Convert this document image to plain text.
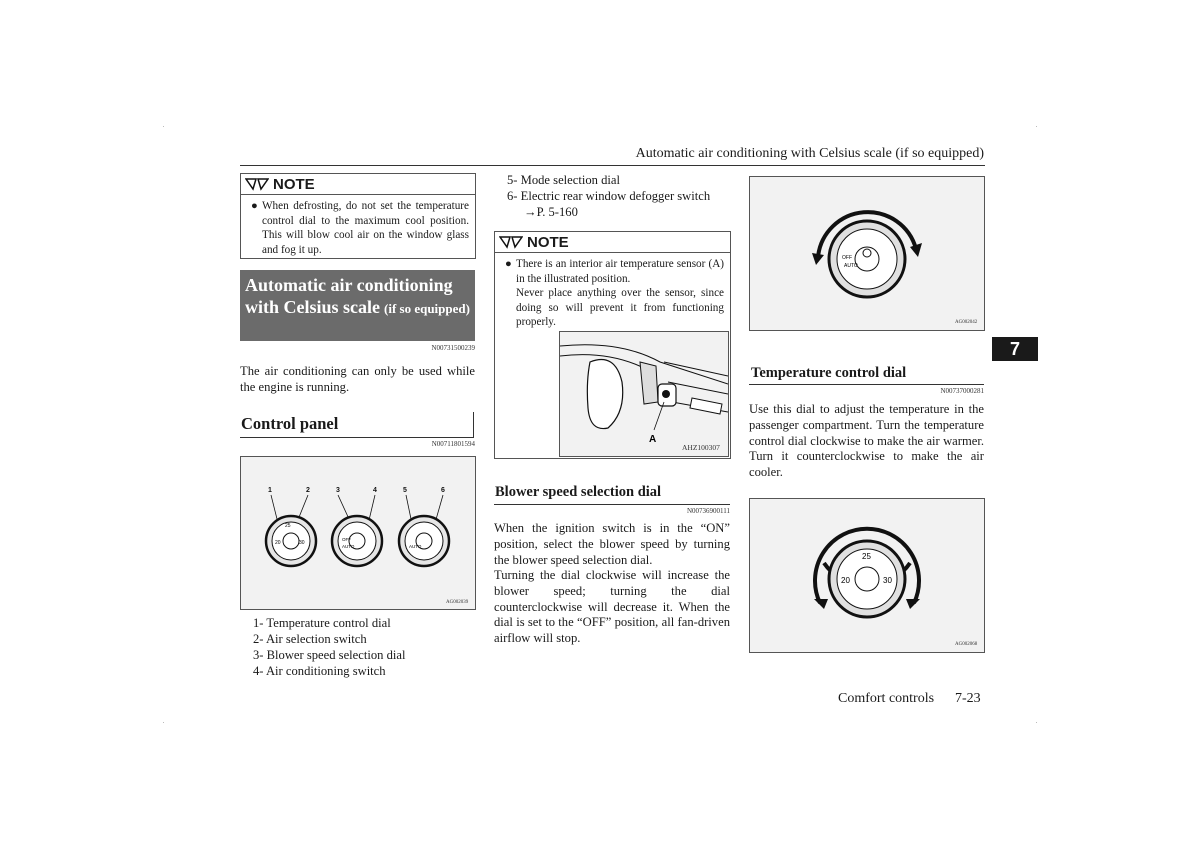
Automatic air conditioning with Celsius scale (if so equipped)
NOTE
● When defrosting, do not set the temperature control dial to the maximum cool position. This will blow cool air on the window glass and fog it up.
Automatic air conditioning with Celsius scale (if so equipped)
N00731500239
The air conditioning can only be used while the engine is running.
Control panel
N00711801594
1	2	3	4	5	6
25
20	30
OFF
AUTO	AUTO
AG002039
1- Temperature control dial
2- Air selection switch
3- Blower speed selection dial
4- Air conditioning switch
5- Mode selection dial
6- Electric rear window defogger switch
→P. 5-160
NOTE
● There is an interior air temperature sensor (A) in the illustrated position.
Never place anything over the sensor, since doing so will prevent it from functioning properly.
A
AHZ100307
Blower speed selection dial
N00736900111
When the ignition switch is in the “ON” position, select the blower speed by turning the blower speed selection dial.
Turning the dial clockwise will increase the blower speed; turning the dial counterclockwise will decrease it. When the dial is set to the “OFF” position, all fan-driven airflow will stop.
OFF
AUTO
AG002042
Temperature control dial
N00737000281
Use this dial to adjust the temperature in the passenger compartment. Turn the temperature control dial clockwise to make the air warmer. Turn it counterclockwise to make the air cooler.
25
20	30
AG002068
7
Comfort controls 7-23
